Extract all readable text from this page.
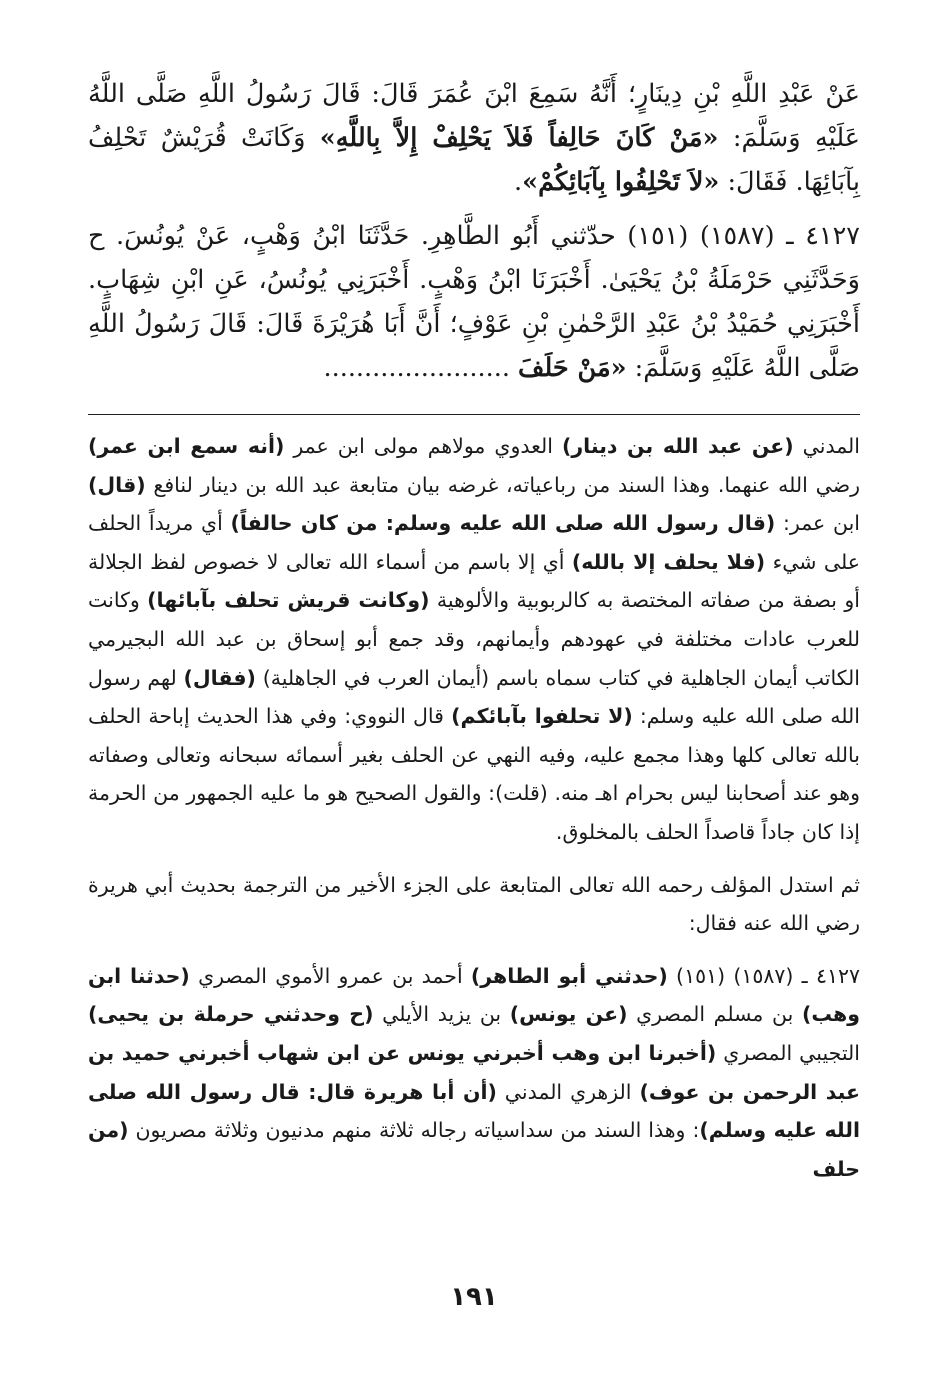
عَنْ عَبْدِ اللَّهِ بْنِ دِينَارٍ؛ أَنَّهُ سَمِعَ ابْنَ عُمَرَ قَالَ: قَالَ رَسُولُ اللَّهِ صَلَّى اللَّهُ عَلَيْهِ وَسَلَّمَ: «مَنْ كَانَ حَالِفاً فَلاَ يَحْلِفْ إِلاَّ بِاللَّهِ» وَكَانَتْ قُرَيْشٌ تَحْلِفُ بِآبَائِهَا. فَقَالَ: «لاَ تَحْلِفُوا بِآبَائِكُمْ».

٤١٢٧ ـ (١٥٨٧) (١٥١) حدّثني أَبُو الطَّاهِرِ. حَدَّثَنَا ابْنُ وَهْبٍ، عَنْ يُونُسَ. ح وَحَدَّثَنِي حَرْمَلَةُ بْنُ يَحْيَىٰ. أَخْبَرَنَا ابْنُ وَهْبٍ. أَخْبَرَنِي يُونُسُ، عَنِ ابْنِ شِهَابٍ. أَخْبَرَنِي حُمَيْدُ بْنُ عَبْدِ الرَّحْمٰنِ بْنِ عَوْفٍ؛ أَنَّ أَبَا هُرَيْرَةَ قَالَ: قَالَ رَسُولُ اللَّهِ صَلَّى اللَّهُ عَلَيْهِ وَسَلَّمَ: «مَنْ حَلَفَ .......................

المدني (عن عبد الله بن دينار) العدوي مولاهم مولى ابن عمر (أنه سمع ابن عمر) رضي الله عنهما. وهذا السند من رباعياته، غرضه بيان متابعة عبد الله بن دينار لنافع (قال) ابن عمر: (قال رسول الله صلى الله عليه وسلم: من كان حالفاً) أي مريداً الحلف على شيء (فلا يحلف إلا بالله) أي إلا باسم من أسماء الله تعالى لا خصوص لفظ الجلالة أو بصفة من صفاته المختصة به كالربوبية والألوهية (وكانت قريش تحلف بآبائها) وكانت للعرب عادات مختلفة في عهودهم وأيمانهم، وقد جمع أبو إسحاق بن عبد الله البجيرمي الكاتب أيمان الجاهلية في كتاب سماه باسم (أيمان العرب في الجاهلية) (فقال) لهم رسول الله صلى الله عليه وسلم: (لا تحلفوا بآبائكم) قال النووي: وفي هذا الحديث إباحة الحلف بالله تعالى كلها وهذا مجمع عليه، وفيه النهي عن الحلف بغير أسمائه سبحانه وتعالى وصفاته وهو عند أصحابنا ليس بحرام اهـ منه. (قلت): والقول الصحيح هو ما عليه الجمهور من الحرمة إذا كان جاداً قاصداً الحلف بالمخلوق.

ثم استدل المؤلف رحمه الله تعالى المتابعة على الجزء الأخير من الترجمة بحديث أبي هريرة رضي الله عنه فقال:

٤١٢٧ ـ (١٥٨٧) (١٥١) (حدثني أبو الطاهر) أحمد بن عمرو الأموي المصري (حدثنا ابن وهب) بن مسلم المصري (عن يونس) بن يزيد الأيلي (ح وحدثني حرملة بن يحيى) التجيبي المصري (أخبرنا ابن وهب أخبرني يونس عن ابن شهاب أخبرني حميد بن عبد الرحمن بن عوف) الزهري المدني (أن أبا هريرة قال: قال رسول الله صلى الله عليه وسلم): وهذا السند من سداسياته رجاله ثلاثة منهم مدنيون وثلاثة مصريون (من حلف

١٩١
